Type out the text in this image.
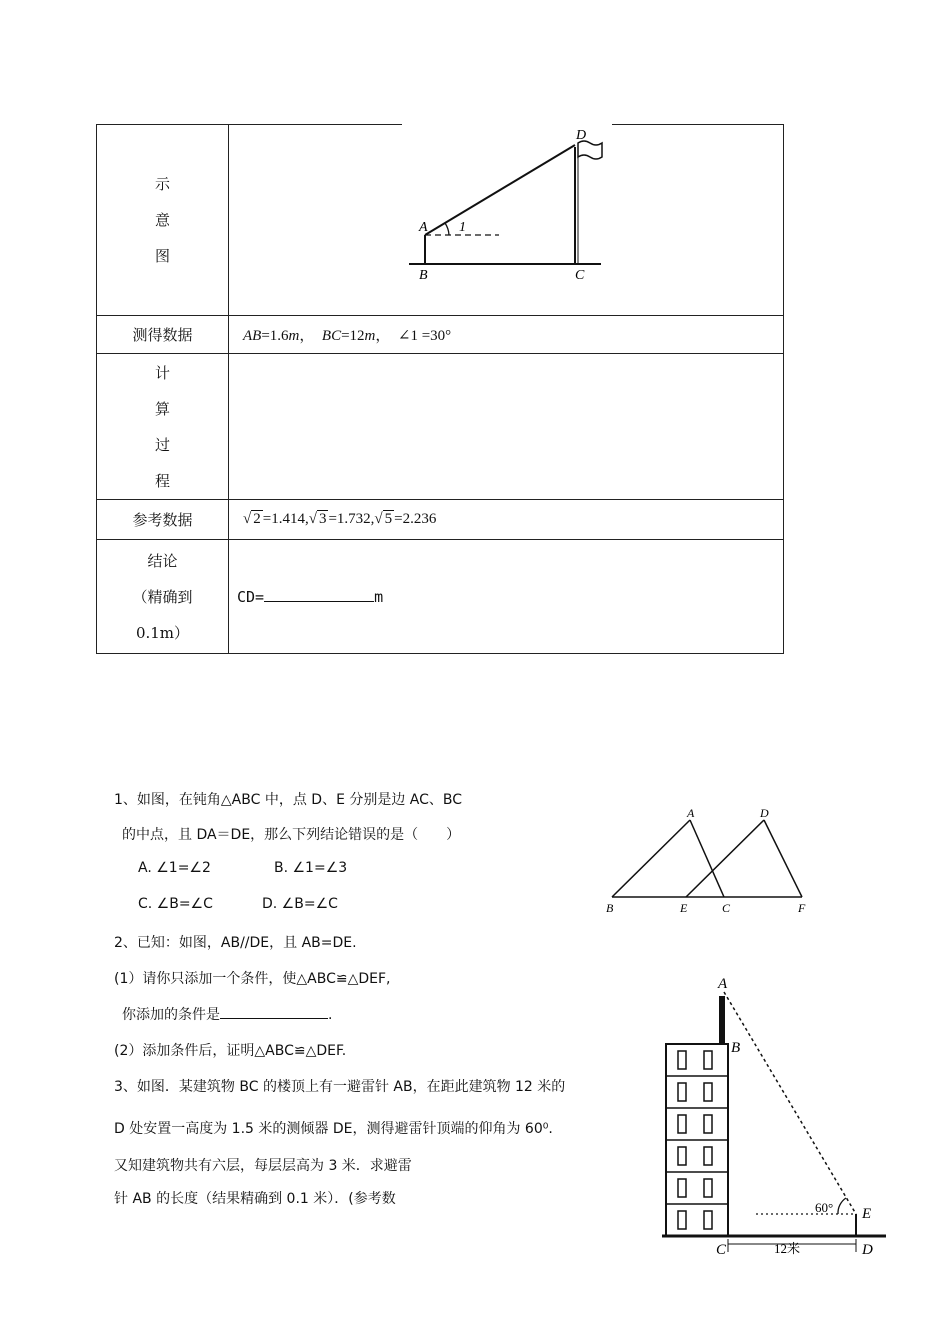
示
意
图	A 1
B C
D

测得数据	AB=1.6m， BC=12m， ∠1 =30°

计
算
过
程	

参考数据	√ 2 =1.414,√ 3 =1.732,√ 5 =2.236

结论
（精确到
0.1m）	CD= m
1、如图，在钝角△ABC 中，点 D、E 分别是边 AC、BC
的中点，且 DA＝DE，那么下列结论错误的是（　　）
A. ∠1=∠2	B. ∠1=∠3
C. ∠B=∠C	D. ∠B=∠C
A	D
B	E	C	F
2、已知：如图，AB//DE，且 AB=DE.
(1）请你只添加一个条件，使△ABC≌△DEF,
你添加的条件是	.
(2）添加条件后，证明△ABC≌△DEF.
3、如图．某建筑物 BC 的楼顶上有一避雷针 AB，在距此建筑物 12 米的
D 处安置一高度为 1.5 米的测倾器 DE，测得避雷针顶端的仰角为 60⁰.
又知建筑物共有六层，每层层高为 3 米．求避雷
针 AB 的长度（结果精确到 0.1 米）．(参考数
A
B
C	D
E
60°
12米
